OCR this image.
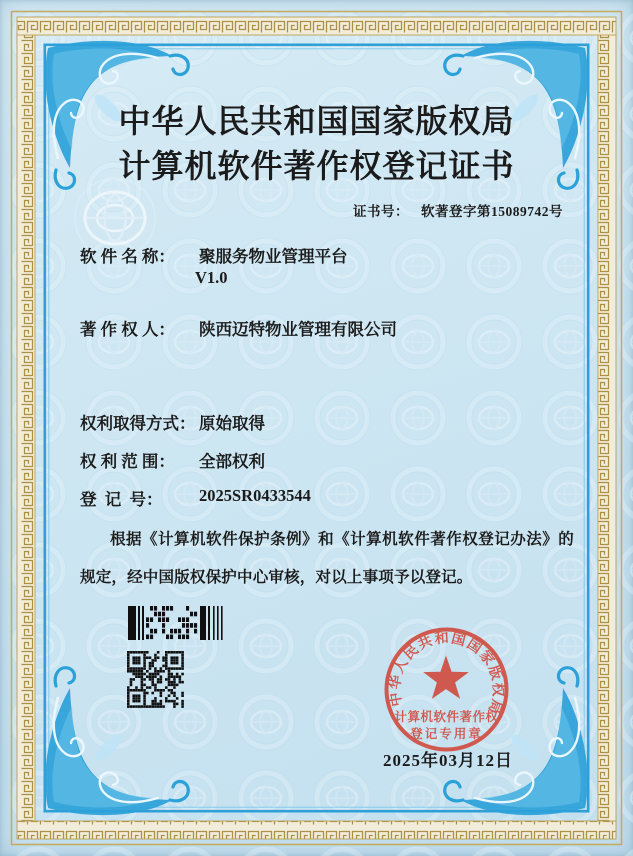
中华人民共和国国家版权局
计算机软件著作权登记证书
证书号： 软著登字第15089742号
软 件 名 称： 聚服务物业管理平台
V1.0
著 作 权 人： 陕西迈特物业管理有限公司
权利取得方式： 原始取得
权 利 范 围： 全部权利
登  记  号： 2025SR0433544
根据《计算机软件保护条例》和《计算机软件著作权登记办法》的规定，经中国版权保护中心审核，对以上事项予以登记。
中华人民共和国国家版权局
计算机软件著作权
登记专用章
2025年03月12日
